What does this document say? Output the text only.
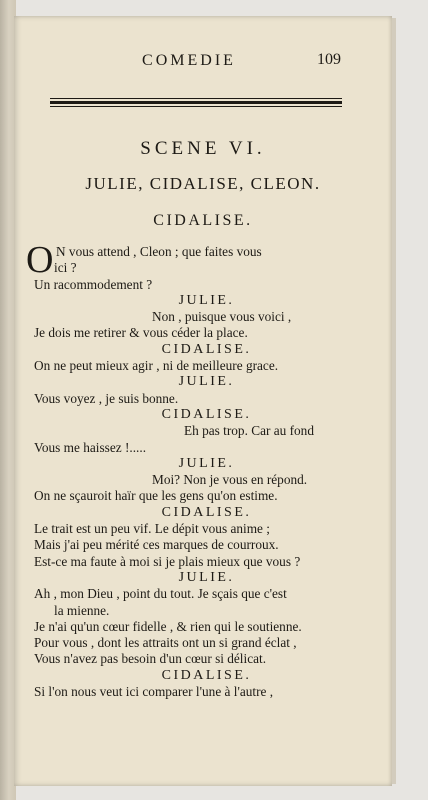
COMEDIE	109
SCENE VI.
JULIE, CIDALISE, CLEON.
CIDALISE.
O N vous attend , Cleon ; que faites vous
ici ?
Un racommodement ?
JULIE.
Non , puisque vous voici ,
Je dois me retirer & vous céder la place.
CIDALISE.
On ne peut mieux agir , ni de meilleure grace.
JULIE.
Vous voyez , je suis bonne.
CIDALISE.
Eh pas trop. Car au fond
Vous me haissez !.....
JULIE.
Moi? Non je vous en répond.
On ne sçauroit haïr que les gens qu'on estime.
CIDALISE.
Le trait est un peu vif. Le dépit vous anime ;
Mais j'ai peu mérité ces marques de courroux.
Est-ce ma faute à moi si je plais mieux que vous ?
JULIE.
Ah , mon Dieu , point du tout. Je sçais que c'est
la mienne.
Je n'ai qu'un cœur fidelle , & rien qui le soutienne.
Pour vous , dont les attraits ont un si grand éclat ,
Vous n'avez pas besoin d'un cœur si délicat.
CIDALISE.
Si l'on nous veut ici comparer l'une à l'autre ,
